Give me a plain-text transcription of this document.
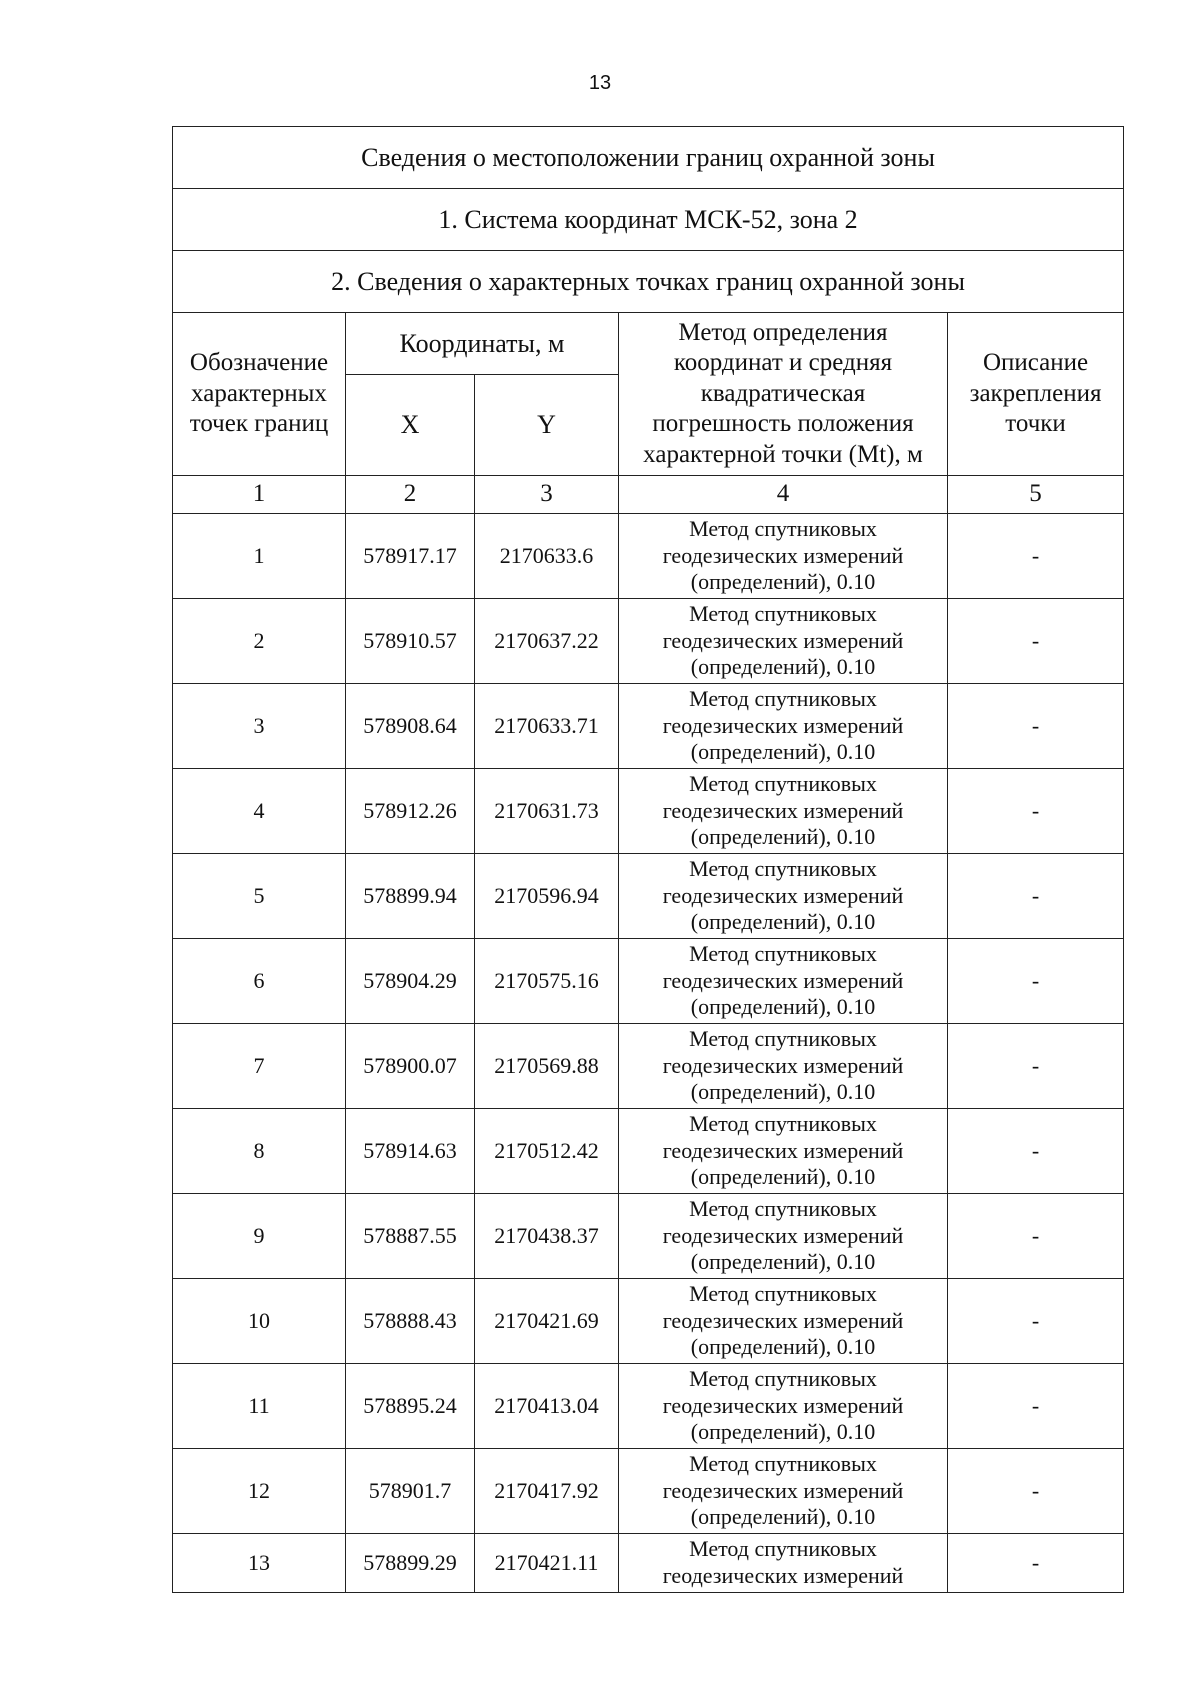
13
Сведения о местоположении границ охранной зоны				
1. Система координат МСК-52, зона 2				
2. Сведения о характерных точках границ охранной зоны				

Обозначение
характерных
точек границ	Координаты, м		Метод определения
координат и средняя
квадратическая
погрешность положения
характерной точки (Mt), м	Описание
закрепления
точки

	X	Y		
1	2	3	4	5
1	578917.17	2170633.6	Метод спутниковых
геодезических измерений
(определений), 0.10	-
2	578910.57	2170637.22	Метод спутниковых
геодезических измерений
(определений), 0.10	-
3	578908.64	2170633.71	Метод спутниковых
геодезических измерений
(определений), 0.10	-
4	578912.26	2170631.73	Метод спутниковых
геодезических измерений
(определений), 0.10	-
5	578899.94	2170596.94	Метод спутниковых
геодезических измерений
(определений), 0.10	-
6	578904.29	2170575.16	Метод спутниковых
геодезических измерений
(определений), 0.10	-
7	578900.07	2170569.88	Метод спутниковых
геодезических измерений
(определений), 0.10	-
8	578914.63	2170512.42	Метод спутниковых
геодезических измерений
(определений), 0.10	-
9	578887.55	2170438.37	Метод спутниковых
геодезических измерений
(определений), 0.10	-
10	578888.43	2170421.69	Метод спутниковых
геодезических измерений
(определений), 0.10	-
11	578895.24	2170413.04	Метод спутниковых
геодезических измерений
(определений), 0.10	-
12	578901.7	2170417.92	Метод спутниковых
геодезических измерений
(определений), 0.10	-
13	578899.29	2170421.11	Метод спутниковых
геодезических измерений	-
